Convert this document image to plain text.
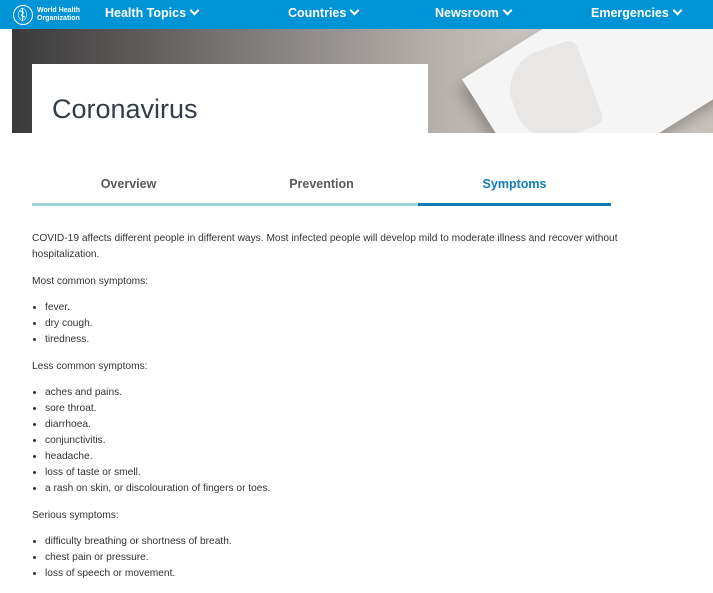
World Health
Organization Health Topics	Countries	Newsroom	Emergencies
Coronavirus
Overview	Prevention	Symptoms

COVID-19 affects different people in different ways. Most infected people will develop mild to moderate illness and recover without hospitalization.

Most common symptoms:

• fever.
• dry cough.
• tiredness.

Less common symptoms:

• aches and pains.
• sore throat.
• diarrhoea.
• conjunctivitis.
• headache.
• loss of taste or smell.
• a rash on skin, or discolouration of fingers or toes.

Serious symptoms:

• difficulty breathing or shortness of breath.
• chest pain or pressure.
• loss of speech or movement.
